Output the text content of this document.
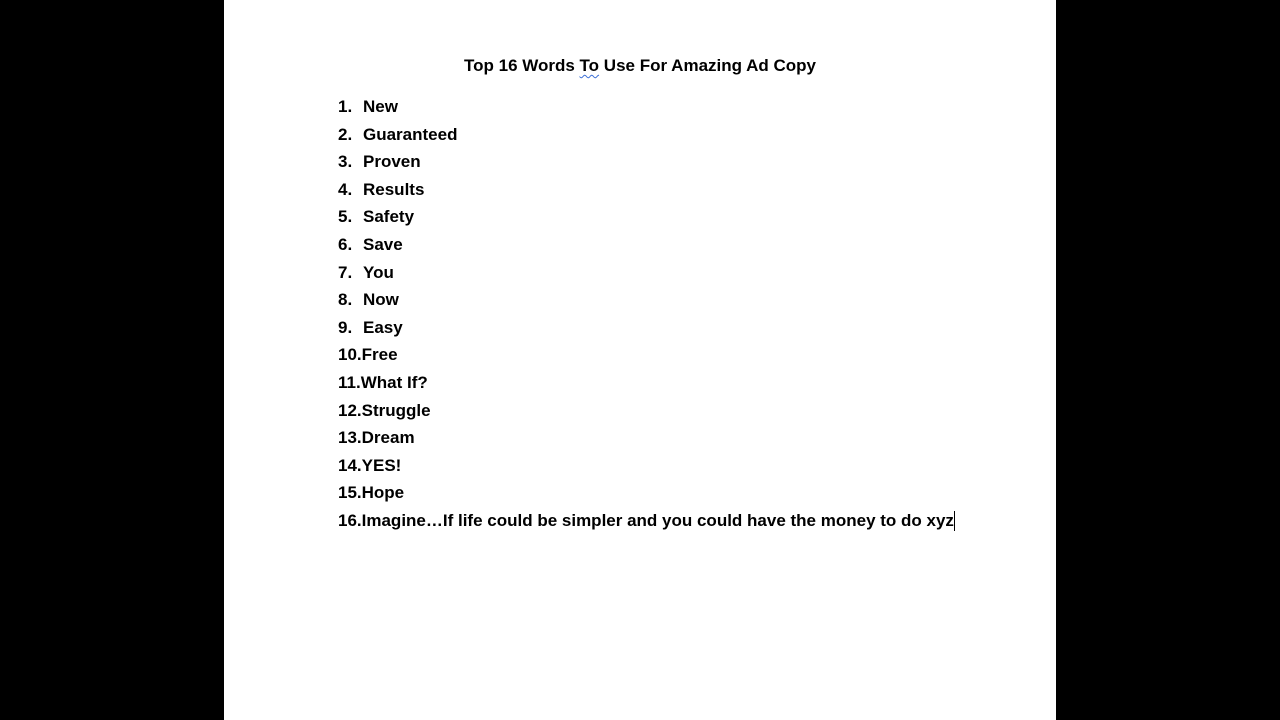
Top 16 Words To Use For Amazing Ad Copy
1. New
2. Guaranteed
3. Proven
4. Results
5. Safety
6. Save
7. You
8. Now
9. Easy
10. Free
11. What If?
12. Struggle
13. Dream
14. YES!
15. Hope
16. Imagine…If life could be simpler and you could have the money to do xyz
